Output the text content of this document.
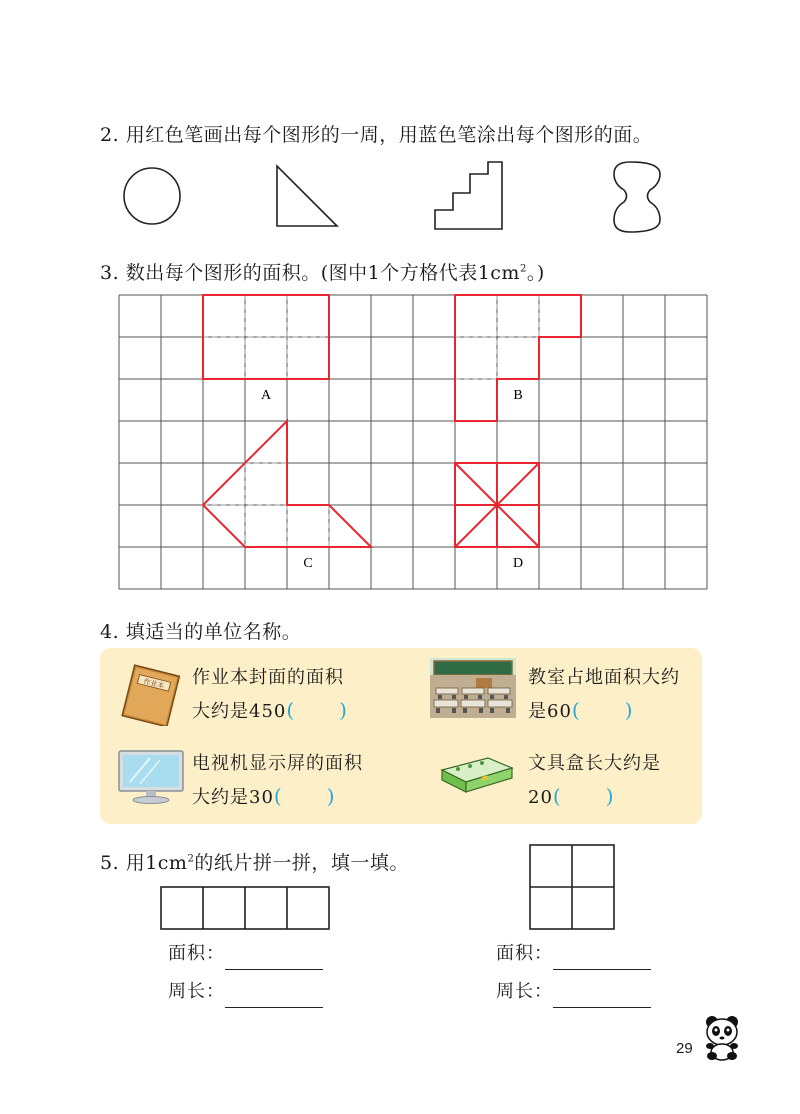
2. 用红色笔画出每个图形的一周，用蓝色笔涂出每个图形的面。
3. 数出每个图形的面积。(图中1个方格代表$1cm^2$。)
A	B
C	D
4. 填适当的单位名称。
作业本 作业本封面的面积
大约是450( )
教室占地面积大约
是60( )
电视机显示屏的面积
大约是30( )
文具盒长大约是
20( )
5. 用$1cm^2$的纸片拼一拼，填一填。
面积：
周长：
面积：
周长：
29
